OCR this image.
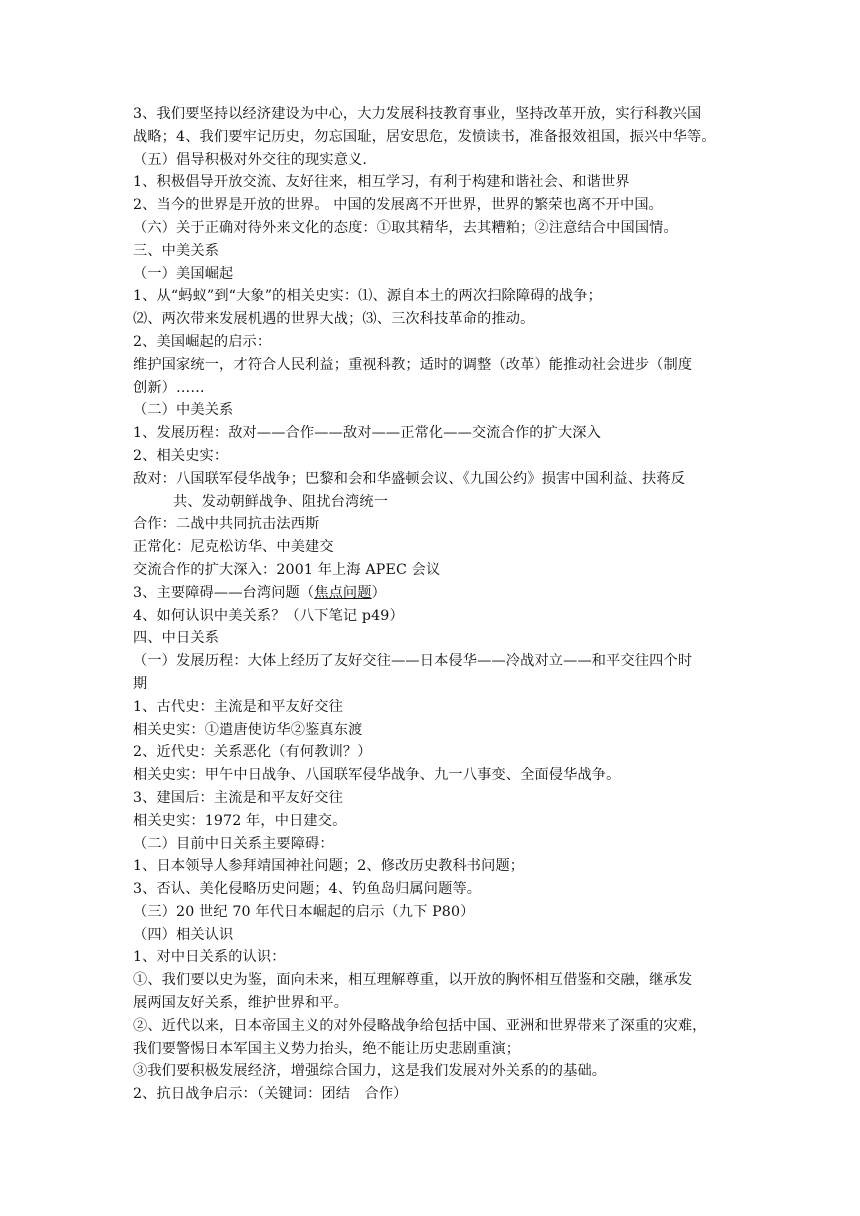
3、我们要坚持以经济建设为中心，大力发展科技教育事业，坚持改革开放，实行科教兴国
战略；4、我们要牢记历史，勿忘国耻，居安思危，发愤读书，准备报效祖国，振兴中华等。
（五）倡导积极对外交往的现实意义.
1、积极倡导开放交流、友好往来，相互学习，有利于构建和谐社会、和谐世界
2、当今的世界是开放的世界。 中国的发展离不开世界，世界的繁荣也离不开中国。
（六）关于正确对待外来文化的态度：①取其精华，去其糟粕；②注意结合中国国情。
三、中美关系
（一）美国崛起
1、从“蚂蚁”到“大象”的相关史实：⑴、源自本土的两次扫除障碍的战争；
⑵、两次带来发展机遇的世界大战；⑶、三次科技革命的推动。
2、美国崛起的启示：
维护国家统一，才符合人民利益；重视科教；适时的调整（改革）能推动社会进步（制度
创新）……
（二）中美关系
1、发展历程：敌对——合作——敌对——正常化——交流合作的扩大深入
2、相关史实：
敌对：八国联军侵华战争；巴黎和会和华盛顿会议、《九国公约》损害中国利益、扶蒋反
共、发动朝鲜战争、阻扰台湾统一
合作：二战中共同抗击法西斯
正常化：尼克松访华、中美建交
交流合作的扩大深入：2001 年上海 APEC 会议
3、主要障碍——台湾问题（焦点问题）
4、如何认识中美关系？（八下笔记 p49）
四、中日关系
（一）发展历程：大体上经历了友好交往——日本侵华——冷战对立——和平交往四个时
期
1、古代史：主流是和平友好交往
相关史实：①遣唐使访华②鉴真东渡
2、近代史：关系恶化（有何教训？）
相关史实：甲午中日战争、八国联军侵华战争、九一八事变、全面侵华战争。
3、建国后：主流是和平友好交往
相关史实：1972 年，中日建交。
（二）目前中日关系主要障碍：
1、日本领导人参拜靖国神社问题；2、修改历史教科书问题；
3、否认、美化侵略历史问题；4、钓鱼岛归属问题等。
（三）20 世纪 70 年代日本崛起的启示（九下 P80）
（四）相关认识
1、对中日关系的认识：
①、我们要以史为鉴，面向未来，相互理解尊重，以开放的胸怀相互借鉴和交融，继承发
展两国友好关系，维护世界和平。
②、近代以来，日本帝国主义的对外侵略战争给包括中国、亚洲和世界带来了深重的灾难，
我们要警惕日本军国主义势力抬头，绝不能让历史悲剧重演；
③我们要积极发展经济，增强综合国力，这是我们发展对外关系的的基础。
2、抗日战争启示：（关键词：团结　合作）
